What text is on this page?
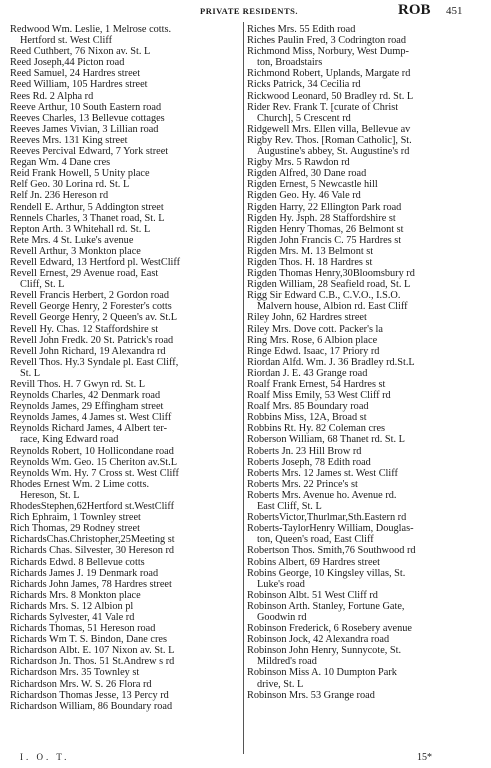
PRIVATE RESIDENTS.	ROB 451
Redwood Wm. Leslie, 1 Melrose cotts.
Hertford st. West Cliff
Reed Cuthbert, 76 Nixon av. St. L
Reed Joseph,44 Picton road
Reed Samuel, 24 Hardres street
Reed William, 105 Hardres street
Rees Rd. 2 Alpha rd
Reeve Arthur, 10 South Eastern road
Reeves Charles, 13 Bellevue cottages
Reeves James Vivian, 3 Lillian road
Reeves Mrs. 131 King street
Reeves Percival Edward, 7 York street
Regan Wm. 4 Dane cres
Reid Frank Howell, 5 Unity place
Relf Geo. 30 Lorina rd. St. L
Relf Jn. 236 Hereson rd
Rendell E. Arthur, 5 Addington street
Rennels Charles, 3 Thanet road, St. L
Repton Arth. 3 Whitehall rd. St. L
Rete Mrs. 4 St. Luke's avenue
Revell Arthur, 3 Monkton place
Revell Edward, 13 Hertford pl. WestCliff
Revell Ernest, 29 Avenue road, East
Cliff, St. L
Revell Francis Herbert, 2 Gordon road
Revell George Henry, 2 Forester's cotts
Revell George Henry, 2 Queen's av. St.L
Revell Hy. Chas. 12 Staffordshire st
Revell John Fredk. 20 St. Patrick's road
Revell John Richard, 19 Alexandra rd
Revell Thos. Hy.3 Syndale pl. East Cliff,
St. L
Revill Thos. H. 7 Gwyn rd. St. L
Reynolds Charles, 42 Denmark road
Reynolds James, 29 Effingham street
Reynolds James, 4 James st. West Cliff
Reynolds Richard James, 4 Albert ter-
race, King Edward road
Reynolds Robert, 10 Hollicondane road
Reynolds Wm. Geo. 15 Cheriton av.St.L
Reynolds Wm. Hy. 7 Cross st. West Cliff
Rhodes Ernest Wm. 2 Lime cotts.
Hereson, St. L
RhodesStephen,62Hertford st.WestCliff
Rich Ephraim, 1 Townley street
Rich Thomas, 29 Rodney street
RichardsChas.Christopher,25Meeting st
Richards Chas. Silvester, 30 Hereson rd
Richards Edwd. 8 Bellevue cotts
Richards James J. 19 Denmark road
Richards John James, 78 Hardres street
Richards Mrs. 8 Monkton place
Richards Mrs. S. 12 Albion pl
Richards Sylvester, 41 Vale rd
Richards Thomas, 51 Hereson road
Richards Wm T. S. Bindon, Dane cres
Richardson Albt. E. 107 Nixon av. St. L
Richardson Jn. Thos. 51 St.Andrew s rd
Richardson Mrs. 35 Townley st
Richardson Mrs. W. S. 26 Flora rd
Richardson Thomas Jesse, 13 Percy rd
Richardson William, 86 Boundary road
Riches Mrs. 55 Edith road
Riches Paulin Fred, 3 Codrington road
Richmond Miss, Norbury, West Dump-
ton, Broadstairs
Richmond Robert, Uplands, Margate rd
Ricks Patrick, 34 Cecilia rd
Rickwood Leonard, 50 Bradley rd. St. L
Rider Rev. Frank T. [curate of Christ
Church], 5 Crescent rd
Ridgewell Mrs. Ellen villa, Bellevue av
Rigby Rev. Thos. [Roman Catholic], St.
Augustine's abbey, St. Augustine's rd
Rigby Mrs. 5 Rawdon rd
Rigden Alfred, 30 Dane road
Rigden Ernest, 5 Newcastle hill
Rigden Geo. Hy. 46 Vale rd
Rigden Harry, 22 Ellington Park road
Rigden Hy. Jsph. 28 Staffordshire st
Rigden Henry Thomas, 26 Belmont st
Rigden John Francis C. 75 Hardres st
Rigden Mrs. M. 13 Belmont st
Rigden Thos. H. 18 Hardres st
Rigden Thomas Henry,30Bloomsbury rd
Rigden William, 28 Seafield road, St. L
Rigg Sir Edward C.B., C.V.O., I.S.O.
Malvern house, Albion rd. East Cliff
Riley John, 62 Hardres street
Riley Mrs. Dove cott. Packer's la
Ring Mrs. Rose, 6 Albion place
Ringe Edwd. Isaac, 17 Priory rd
Riordan Alfd. Wm. J. 36 Bradley rd.St.L
Riordan J. E. 43 Grange road
Roalf Frank Ernest, 54 Hardres st
Roalf Miss Emily, 53 West Cliff rd
Roalf Mrs. 85 Boundary road
Robbins Miss, 12A, Broad st
Robbins Rt. Hy. 82 Coleman cres
Roberson William, 68 Thanet rd. St. L
Roberts Jn. 23 Hill Brow rd
Roberts Joseph, 78 Edith road
Roberts Mrs. 12 James st. West Cliff
Roberts Mrs. 22 Prince's st
Roberts Mrs. Avenue ho. Avenue rd.
East Cliff, St. L
RobertsVictor,Thurlmar,Sth.Eastern rd
Roberts-TaylorHenry William, Douglas-
ton, Queen's road, East Cliff
Robertson Thos. Smith,76 Southwood rd
Robins Albert, 69 Hardres street
Robins George, 10 Kingsley villas, St.
Luke's road
Robinson Albt. 51 West Cliff rd
Robinson Arth. Stanley, Fortune Gate,
Goodwin rd
Robinson Frederick, 6 Rosebery avenue
Robinson Jock, 42 Alexandra road
Robinson John Henry, Sunnycote, St.
Mildred's road
Robinson Miss A. 10 Dumpton Park
drive, St. L
Robinson Mrs. 53 Grange road
I. O. T.	15*
